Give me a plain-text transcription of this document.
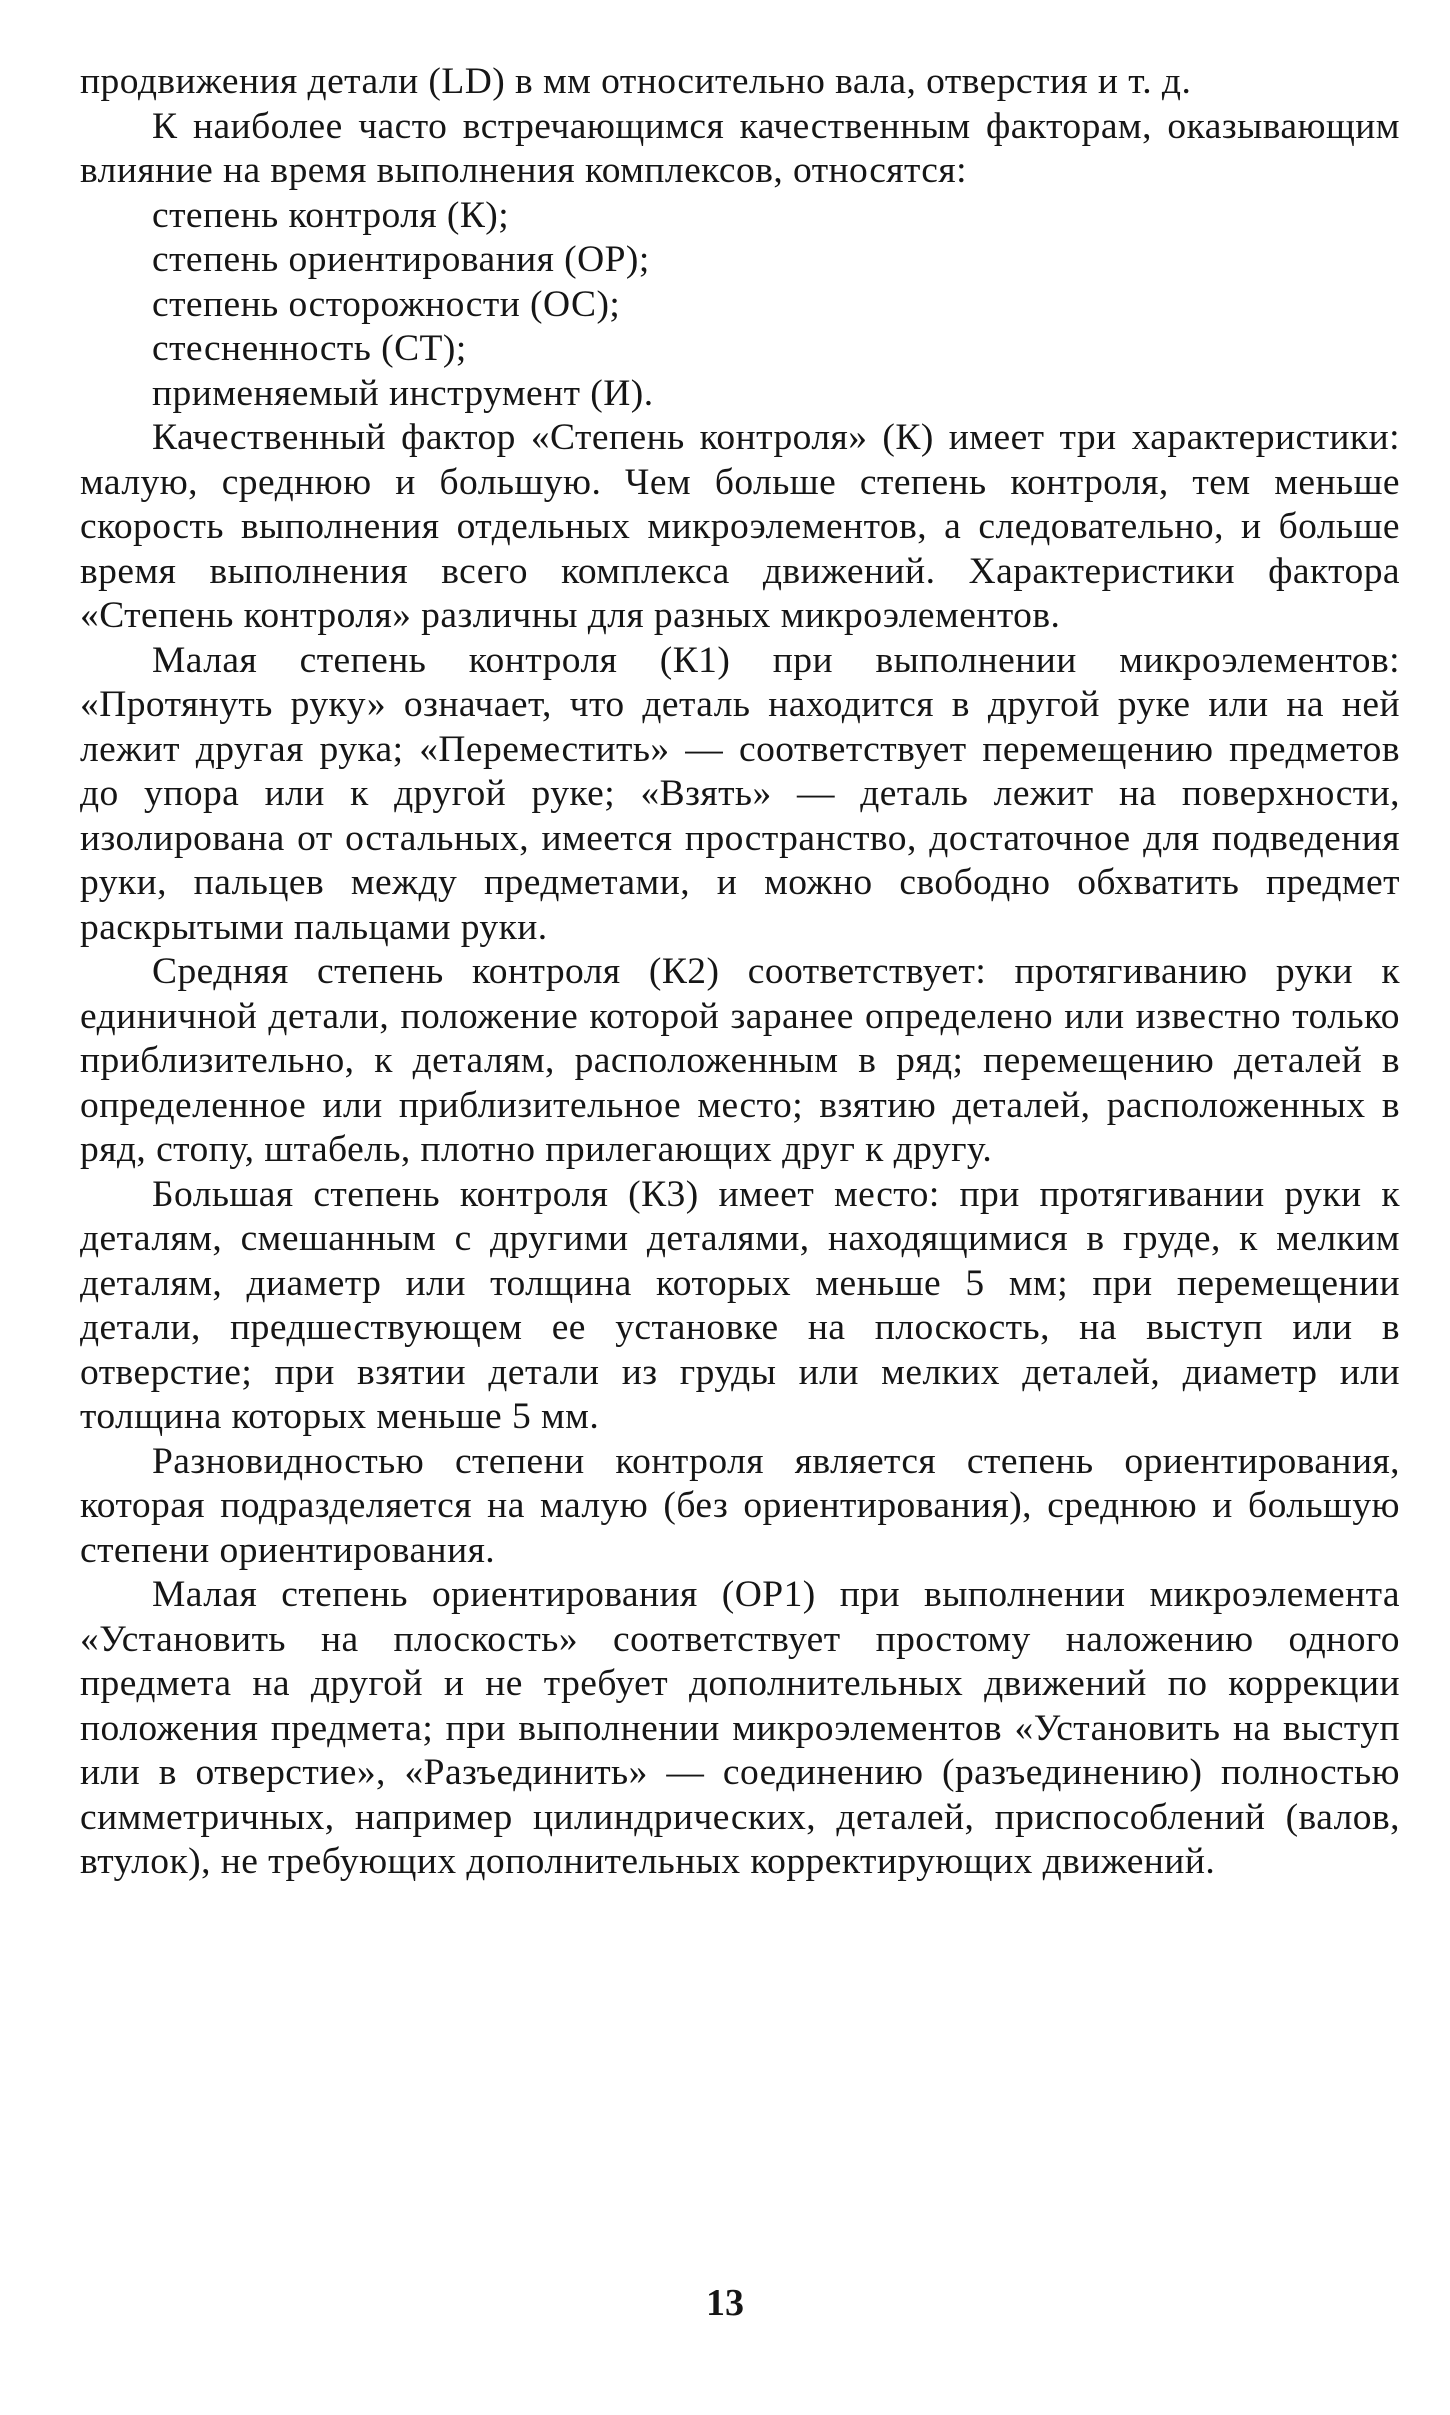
продвижения детали (LD) в мм относительно вала, отверстия и т. д.

К наиболее часто встречающимся качественным факторам, оказывающим влияние на время выполнения комплексов, относятся:

степень контроля (К);

степень ориентирования (ОР);

степень осторожности (ОС);

стесненность (СТ);

применяемый инструмент (И).

Качественный фактор «Степень контроля» (К) имеет три характеристики: малую, среднюю и большую. Чем больше степень контроля, тем меньше скорость выполнения отдельных микроэлементов, а следовательно, и больше время выполнения всего комплекса движений. Характеристики фактора «Степень контроля» различны для разных микроэлементов.

Малая степень контроля (К1) при выполнении микроэлементов: «Протянуть руку» означает, что деталь находится в другой руке или на ней лежит другая рука; «Переместить» — соответствует перемещению предметов до упора или к другой руке; «Взять» — деталь лежит на поверхности, изолирована от остальных, имеется пространство, достаточное для подведения руки, пальцев между предметами, и можно свободно обхватить предмет раскрытыми пальцами руки.

Средняя степень контроля (К2) соответствует: протягиванию руки к единичной детали, положение которой заранее определено или известно только приблизительно, к деталям, расположенным в ряд; перемещению деталей в определенное или приблизительное место; взятию деталей, расположенных в ряд, стопу, штабель, плотно прилегающих друг к другу.

Большая степень контроля (К3) имеет место: при протягивании руки к деталям, смешанным с другими деталями, находящимися в груде, к мелким деталям, диаметр или толщина которых меньше 5 мм; при перемещении детали, предшествующем ее установке на плоскость, на выступ или в отверстие; при взятии детали из груды или мелких деталей, диаметр или толщина которых меньше 5 мм.

Разновидностью степени контроля является степень ориентирования, которая подразделяется на малую (без ориентирования), среднюю и большую степени ориентирования.

Малая степень ориентирования (ОР1) при выполнении микроэлемента «Установить на плоскость» соответствует простому наложению одного предмета на другой и не требует дополнительных движений по коррекции положения предмета; при выполнении микроэлементов «Установить на выступ или в отверстие», «Разъединить» — соединению (разъединению) полностью симметричных, например цилиндрических, деталей, приспособлений (валов, втулок), не требующих дополнительных корректирующих движений.

13
